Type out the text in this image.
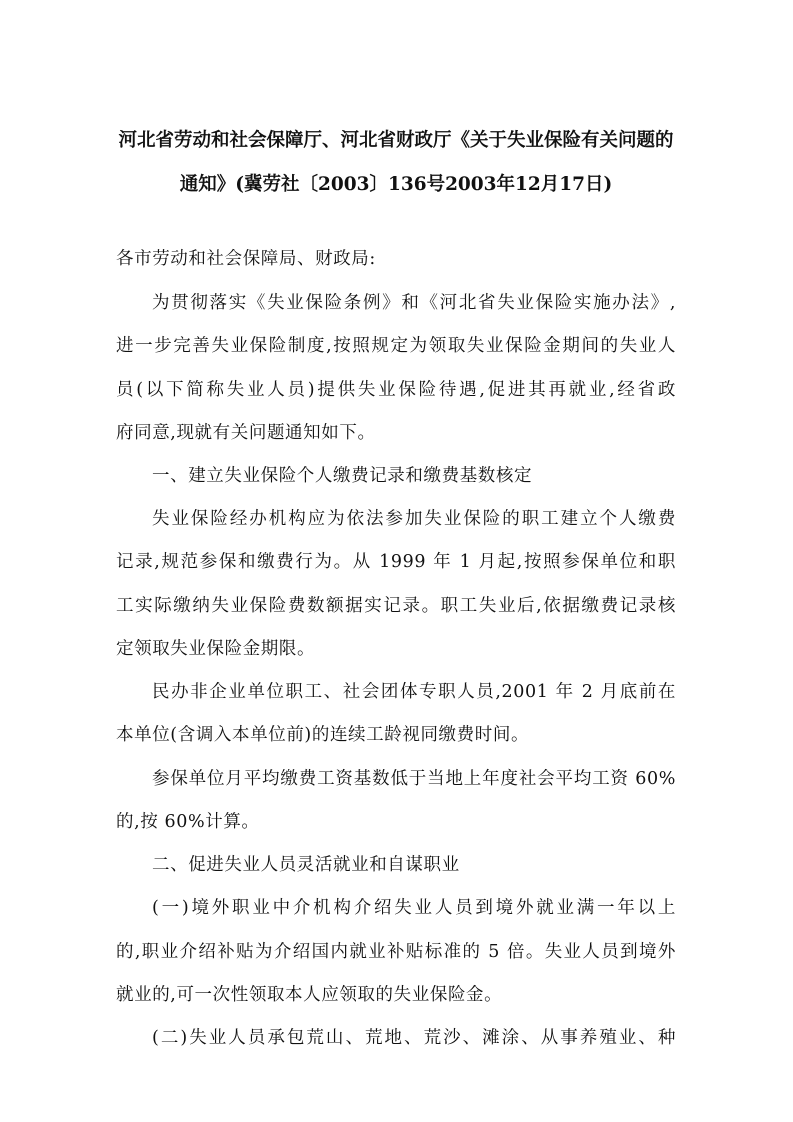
河北省劳动和社会保障厅、河北省财政厅《关于失业保险有关问题的
通知》(冀劳社〔2003〕136号2003年12月17日)
各市劳动和社会保障局、财政局:
为贯彻落实《失业保险条例》和《河北省失业保险实施办法》,
进一步完善失业保险制度,按照规定为领取失业保险金期间的失业人
员(以下简称失业人员)提供失业保险待遇,促进其再就业,经省政
府同意,现就有关问题通知如下。
一、建立失业保险个人缴费记录和缴费基数核定
失业保险经办机构应为依法参加失业保险的职工建立个人缴费
记录,规范参保和缴费行为。从 1999 年 1 月起,按照参保单位和职
工实际缴纳失业保险费数额据实记录。职工失业后,依据缴费记录核
定领取失业保险金期限。
民办非企业单位职工、社会团体专职人员,2001 年 2 月底前在
本单位(含调入本单位前)的连续工龄视同缴费时间。
参保单位月平均缴费工资基数低于当地上年度社会平均工资 60%
的,按 60%计算。
二、促进失业人员灵活就业和自谋职业
(一)境外职业中介机构介绍失业人员到境外就业满一年以上
的,职业介绍补贴为介绍国内就业补贴标准的 5 倍。失业人员到境外
就业的,可一次性领取本人应领取的失业保险金。
(二)失业人员承包荒山、荒地、荒沙、滩涂、从事养殖业、种
